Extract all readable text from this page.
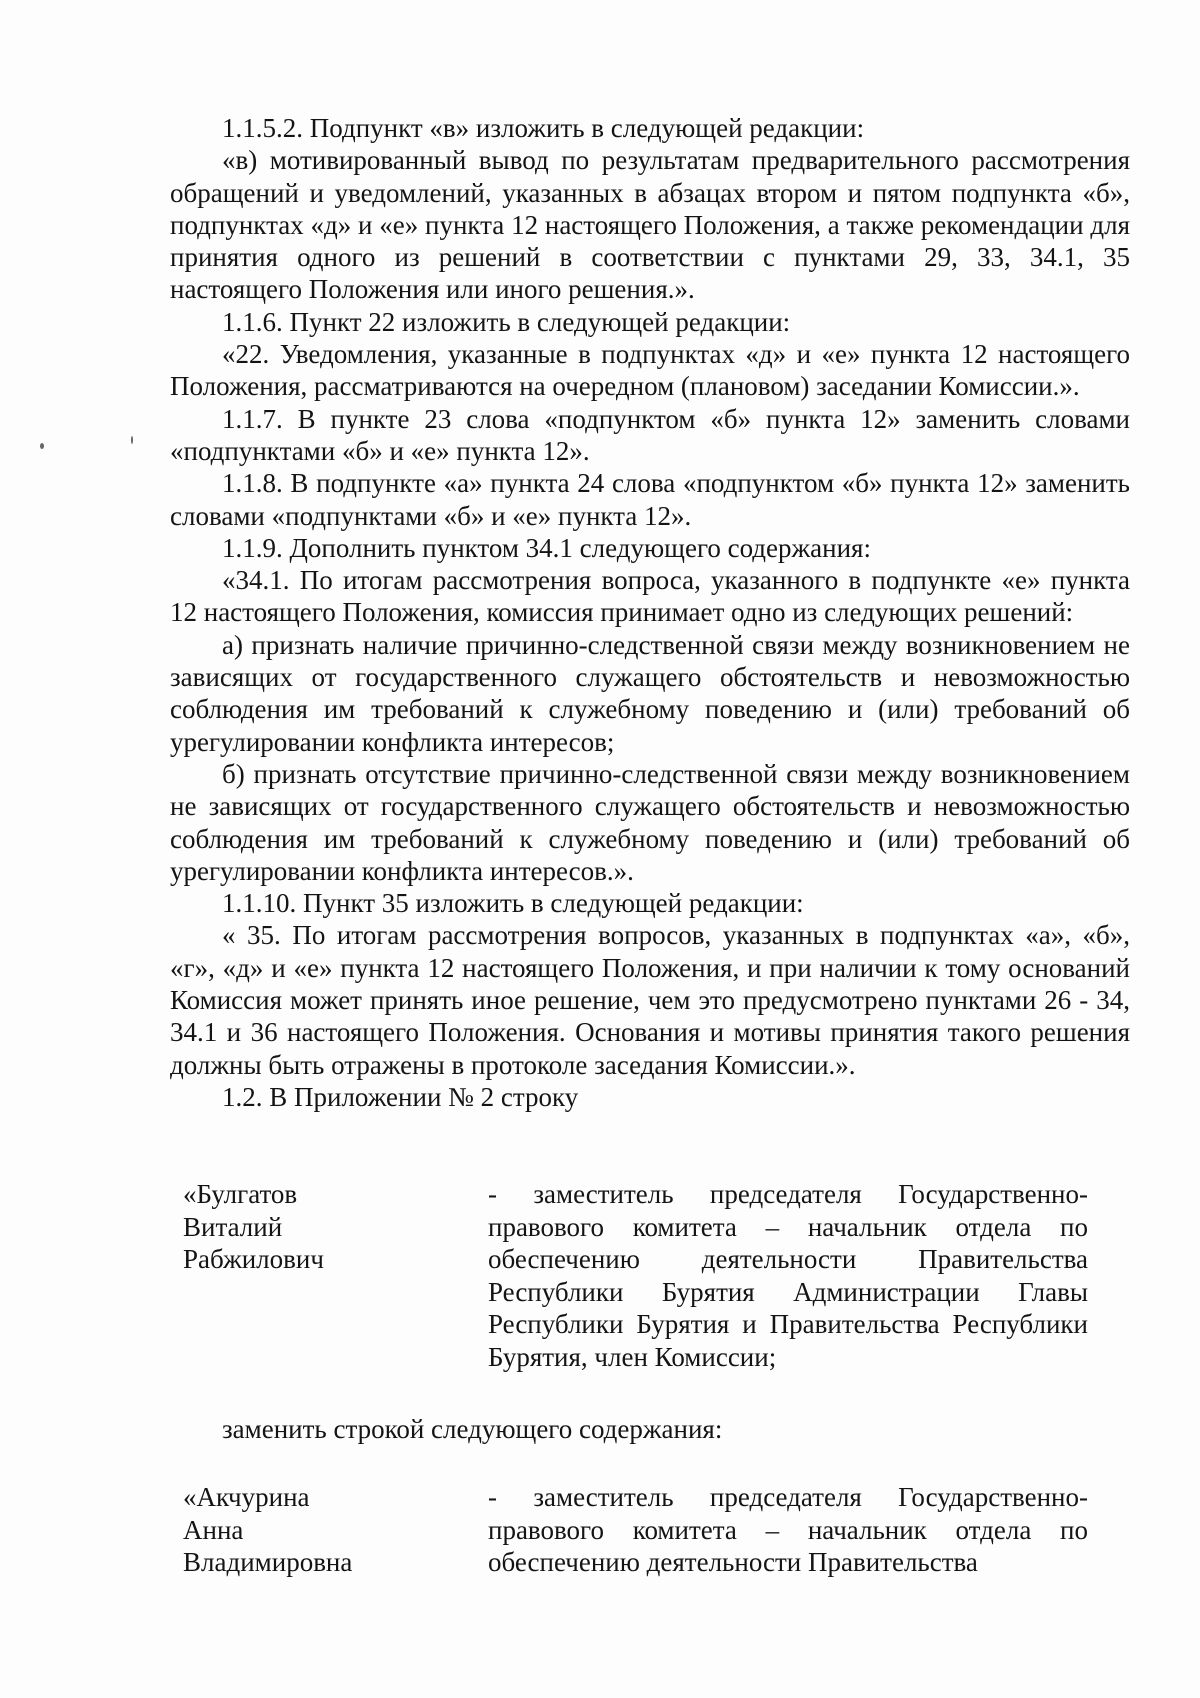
1.1.5.2. Подпункт «в» изложить в следующей редакции:

«в) мотивированный вывод по результатам предварительного рассмотрения обращений и уведомлений, указанных в абзацах втором и пятом подпункта «б», подпунктах «д» и «е» пункта 12 настоящего Положения, а также рекомендации для принятия одного из решений в соответствии с пунктами 29, 33, 34.1, 35 настоящего Положения или иного решения.».

1.1.6. Пункт 22 изложить в следующей редакции:

«22. Уведомления, указанные в подпунктах «д» и «е» пункта 12 настоящего Положения, рассматриваются на очередном (плановом) заседании Комиссии.».

1.1.7. В пункте 23 слова «подпунктом «б» пункта 12» заменить словами «подпунктами «б» и «е» пункта 12».

1.1.8. В подпункте «а» пункта 24 слова «подпунктом «б» пункта 12» заменить словами «подпунктами «б» и «е» пункта 12».

1.1.9. Дополнить пунктом 34.1 следующего содержания:

«34.1. По итогам рассмотрения вопроса, указанного в подпункте «е» пункта 12 настоящего Положения, комиссия принимает одно из следующих решений:

а) признать наличие причинно-следственной связи между возникновением не зависящих от государственного служащего обстоятельств и невозможностью соблюдения им требований к служебному поведению и (или) требований об урегулировании конфликта интересов;

б) признать отсутствие причинно-следственной связи между возникновением не зависящих от государственного служащего обстоятельств и невозможностью соблюдения им требований к служебному поведению и (или) требований об урегулировании конфликта интересов.».

1.1.10. Пункт 35 изложить в следующей редакции:

« 35. По итогам рассмотрения вопросов, указанных в подпунктах «а», «б», «г», «д» и «е» пункта 12 настоящего Положения, и при наличии к тому оснований Комиссия может принять иное решение, чем это предусмотрено пунктами 26 - 34, 34.1 и 36 настоящего Положения. Основания и мотивы принятия такого решения должны быть отражены в протоколе заседания Комиссии.».

1.2. В Приложении № 2 строку

«Булгатов
Виталий
Рабжилович
- заместитель председателя Государственно-правового комитета – начальник отдела по обеспечению деятельности Правительства Республики Бурятия Администрации Главы Республики Бурятия и Правительства Республики Бурятия, член Комиссии;
заменить строкой следующего содержания:
«Акчурина
Анна
Владимировна
- заместитель председателя Государственно-правового комитета – начальник отдела по обеспечению деятельности Правительства
